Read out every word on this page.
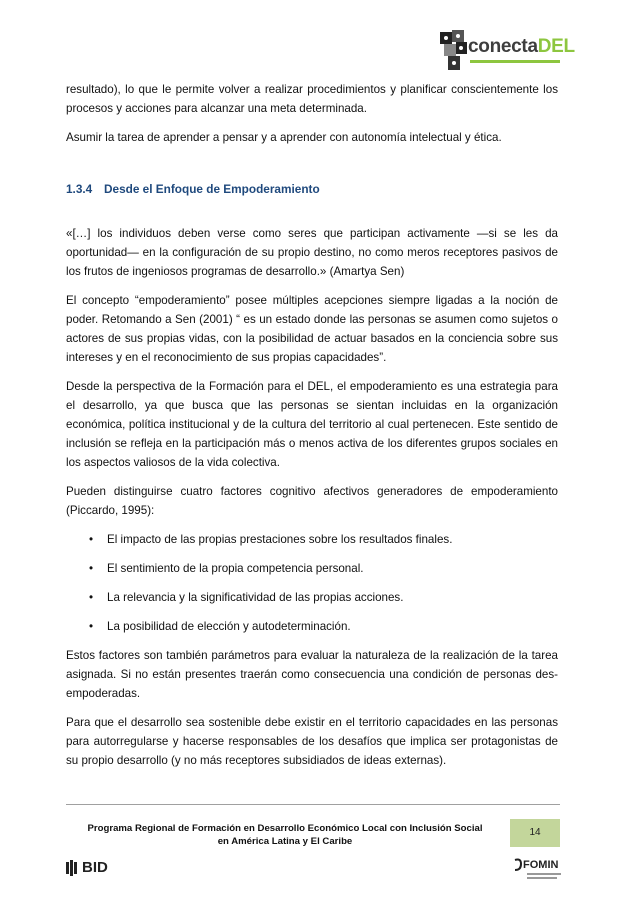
conectaDEL

resultado), lo que le permite volver a realizar procedimientos y planificar conscientemente los procesos y acciones para alcanzar una meta determinada.

Asumir la tarea de aprender a pensar y a aprender con autonomía intelectual y ética.

1.3.4 Desde el Enfoque de Empoderamiento

«[…] los individuos deben verse como seres que participan activamente —si se les da oportunidad— en la configuración de su propio destino, no como meros receptores pasivos de los frutos de ingeniosos programas de desarrollo.» (Amartya Sen)

El concepto “empoderamiento” posee múltiples acepciones siempre ligadas a la noción de poder. Retomando a Sen (2001) “ es un estado donde las personas se asumen como sujetos o actores de sus propias vidas, con la posibilidad de actuar basados en la conciencia sobre sus intereses y en el reconocimiento de sus propias capacidades”.

Desde la perspectiva de la Formación para el DEL, el empoderamiento es una estrategia para el desarrollo, ya que busca que las personas se sientan incluidas en la organización económica, política institucional y de la cultura del territorio al cual pertenecen. Este sentido de inclusión se refleja en la participación más o menos activa de los diferentes grupos sociales en los aspectos valiosos de la vida colectiva.

Pueden distinguirse cuatro factores cognitivo afectivos generadores de empoderamiento (Piccardo, 1995):

• El impacto de las propias prestaciones sobre los resultados finales.
• El sentimiento de la propia competencia personal.
• La relevancia y la significatividad de las propias acciones.
• La posibilidad de elección y autodeterminación.

Estos factores son también parámetros para evaluar la naturaleza de la realización de la tarea asignada. Si no están presentes traerán como consecuencia una condición de personas des-empoderadas.

Para que el desarrollo sea sostenible debe existir en el territorio capacidades en las personas para autorregularse y hacerse responsables de los desafíos que implica ser protagonistas de su propio desarrollo (y no más receptores subsidiados de ideas externas).

Programa Regional de Formación en Desarrollo Económico Local con Inclusión Social
en América Latina y El Caribe
14
BID	FOMIN
